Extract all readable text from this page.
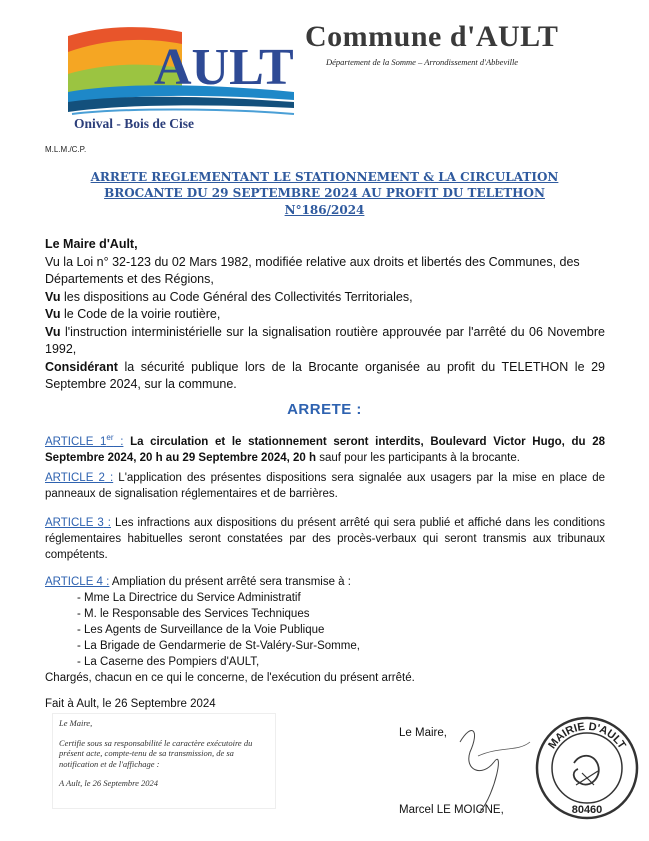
AULT
Onival - Bois de Cise
Commune d'AULT
Département de la Somme – Arrondissement d'Abbeville
M.L.M./C.P.
ARRETE REGLEMENTANT LE STATIONNEMENT & LA CIRCULATION
BROCANTE DU 29 SEPTEMBRE 2024 AU PROFIT DU TELETHON
N°186/2024
Le Maire d'Ault,
Vu la Loi n° 32-123 du 02 Mars 1982, modifiée relative aux droits et libertés des Communes, des Départements et des Régions,
Vu les dispositions au Code Général des Collectivités Territoriales,
Vu le Code de la voirie routière,
Vu l'instruction interministérielle sur la signalisation routière approuvée par l'arrêté du 06 Novembre 1992,
Considérant la sécurité publique lors de la Brocante organisée au profit du TELETHON le 29 Septembre 2024, sur la commune.
ARRETE :
ARTICLE 1er : La circulation et le stationnement seront interdits, Boulevard Victor Hugo, du 28 Septembre 2024, 20 h au 29 Septembre 2024, 20 h sauf pour les participants à la brocante.
ARTICLE 2 : L'application des présentes dispositions sera signalée aux usagers par la mise en place de panneaux de signalisation réglementaires et de barrières.
ARTICLE 3 : Les infractions aux dispositions du présent arrêté qui sera publié et affiché dans les conditions réglementaires habituelles seront constatées par des procès-verbaux qui seront transmis aux tribunaux compétents.
ARTICLE 4 : Ampliation du présent arrêté sera transmise à :
- Mme La Directrice du Service Administratif
- M. le Responsable des Services Techniques
- Les Agents de Surveillance de la Voie Publique
- La Brigade de Gendarmerie de St-Valéry-Sur-Somme,
- La Caserne des Pompiers d'AULT,
Chargés, chacun en ce qui le concerne, de l'exécution du présent arrêté.
Fait à Ault, le 26 Septembre 2024
Le Maire,
Certifie sous sa responsabilité le caractère exécutoire du présent acte, compte-tenu de sa transmission, de sa notification et de l'affichage :
A Ault, le 26 Septembre 2024
Le Maire,
MAIRIE D'AULT
80460
Marcel LE MOIGNE,
